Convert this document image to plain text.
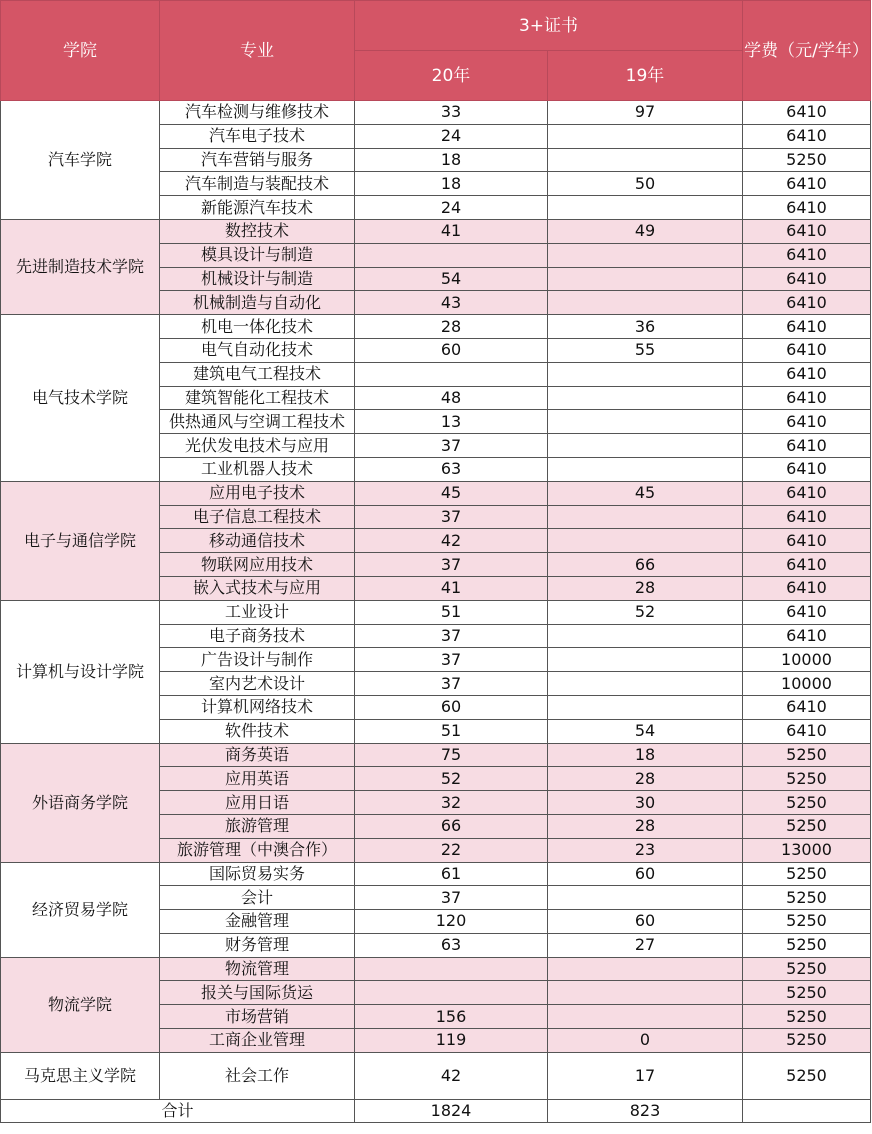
学院	专业	3+证书		学费（元/学年）
		20年	19年	
汽车学院	汽车检测与维修技术	33	97	6410
	汽车电子技术	24		6410
	汽车营销与服务	18		5250
	汽车制造与装配技术	18	50	6410
	新能源汽车技术	24		6410
先进制造技术学院	数控技术	41	49	6410
	模具设计与制造			6410
	机械设计与制造	54		6410
	机械制造与自动化	43		6410
电气技术学院	机电一体化技术	28	36	6410
	电气自动化技术	60	55	6410
	建筑电气工程技术			6410
	建筑智能化工程技术	48		6410
	供热通风与空调工程技术	13		6410
	光伏发电技术与应用	37		6410
	工业机器人技术	63		6410
电子与通信学院	应用电子技术	45	45	6410
	电子信息工程技术	37		6410
	移动通信技术	42		6410
	物联网应用技术	37	66	6410
	嵌入式技术与应用	41	28	6410
计算机与设计学院	工业设计	51	52	6410
	电子商务技术	37		6410
	广告设计与制作	37		10000
	室内艺术设计	37		10000
	计算机网络技术	60		6410
	软件技术	51	54	6410
外语商务学院	商务英语	75	18	5250
	应用英语	52	28	5250
	应用日语	32	30	5250
	旅游管理	66	28	5250
	旅游管理（中澳合作）	22	23	13000
经济贸易学院	国际贸易实务	61	60	5250
	会计	37		5250
	金融管理	120	60	5250
	财务管理	63	27	5250
物流学院	物流管理			5250
	报关与国际货运			5250
	市场营销	156		5250
	工商企业管理	119	0	5250
马克思主义学院	社会工作	42	17	5250
合计		1824	823	
